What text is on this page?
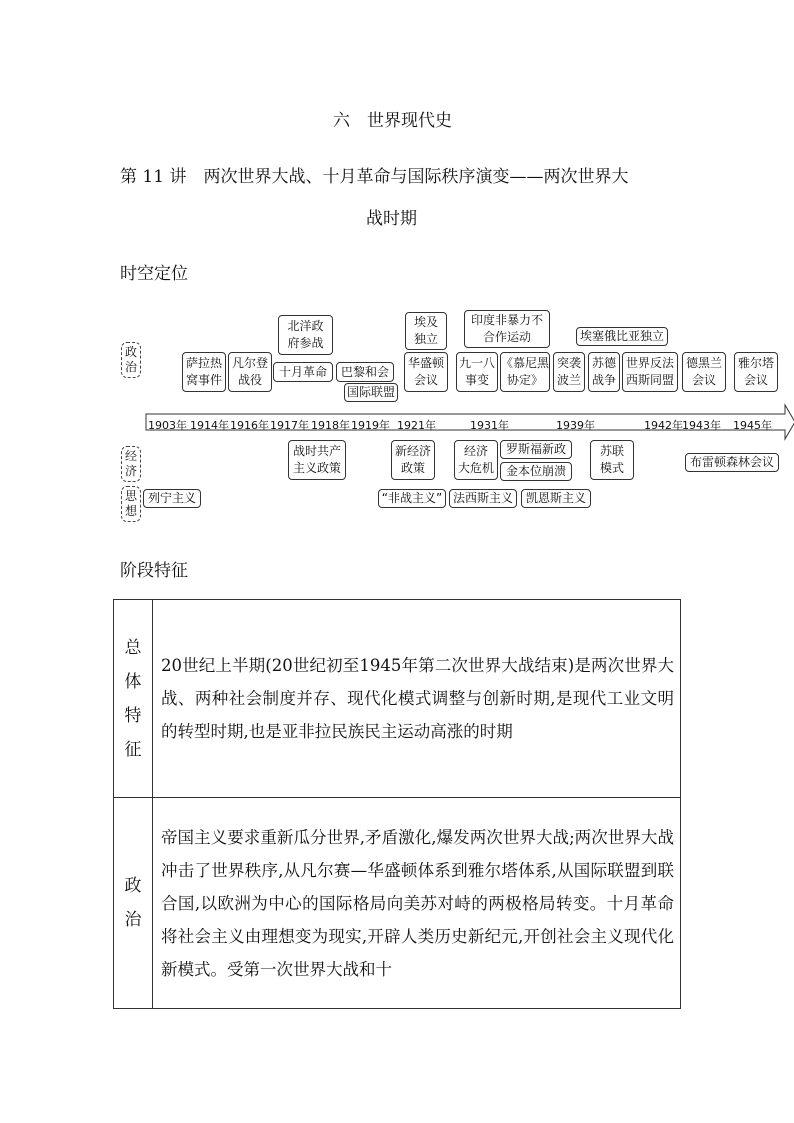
六　世界现代史
第 11 讲　两次世界大战、十月革命与国际秩序演变——两次世界大
战时期
时空定位
政
治
经
济
思
想
1903年 1914年 1916年 1917年 1918年 1919年 1921年	1931年	1939年	1942年 1943年 1945年
萨拉热
窝事件
凡尔登
战役
北洋政
府参战
十月革命	巴黎和会
国际联盟
埃及
独立
华盛顿
会议
印度非暴力不
合作运动
九一八
事变
《慕尼黑
协定》
突袭
波兰
埃塞俄比亚独立
苏德
战争
世界反法
西斯同盟
德黑兰
会议
雅尔塔
会议
战时共产
主义政策
新经济
政策
经济
大危机
罗斯福新政
金本位崩溃
苏联
模式	布雷顿森林会议
列宁主义	“非战主义” 法西斯主义	凯恩斯主义
阶段特征
总
体
特
征	20世纪上半期(20世纪初至1945年第二次世界大战结束)是两次世界大战、两种社会制度并存、现代化模式调整与创新时期,是现代工业文明的转型时期,也是亚非拉民族民主运动高涨的时期
政
治	帝国主义要求重新瓜分世界,矛盾激化,爆发两次世界大战;两次世界大战冲击了世界秩序,从凡尔赛—华盛顿体系到雅尔塔体系,从国际联盟到联合国,以欧洲为中心的国际格局向美苏对峙的两极格局转变。十月革命将社会主义由理想变为现实,开辟人类历史新纪元,开创社会主义现代化新模式。受第一次世界大战和十
